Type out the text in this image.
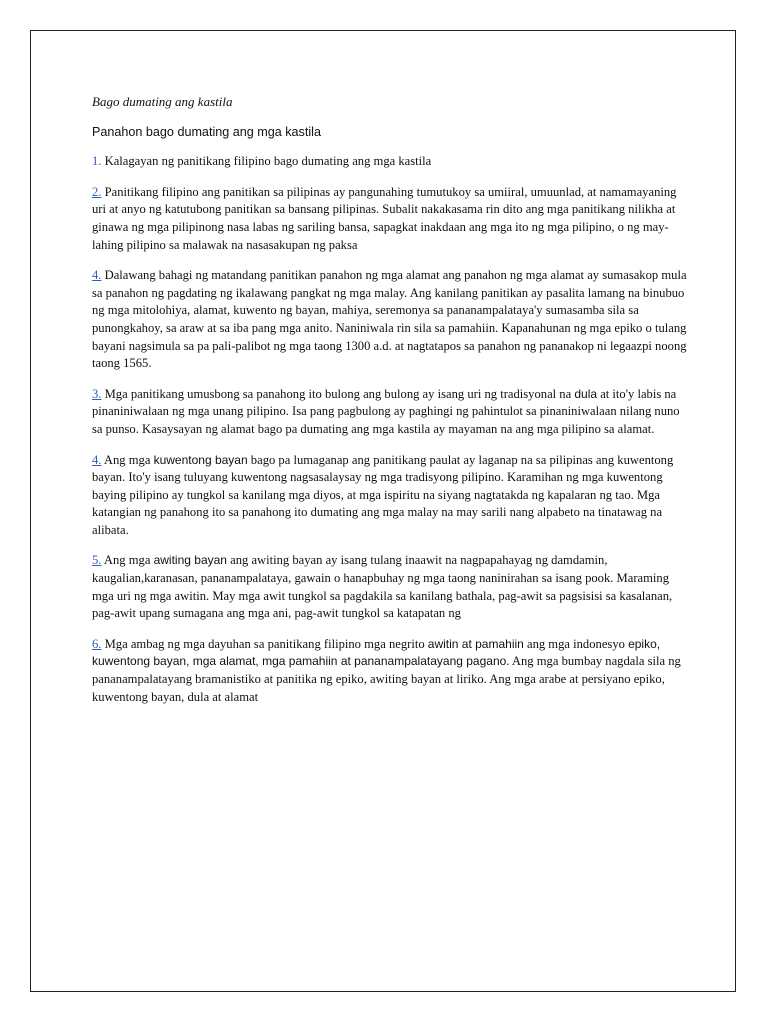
Bago dumating ang kastila

Panahon bago dumating ang mga kastila

1. Kalagayan ng panitikang filipino bago dumating ang mga kastila

2. Panitikang filipino ang panitikan sa pilipinas ay pangunahing tumutukoy sa umiiral, umuunlad, at namamayaning uri at anyo ng katutubong panitikan sa bansang pilipinas. Subalit nakakasama rin dito ang mga panitikang nilikha at ginawa ng mga pilipinong nasa labas ng sariling bansa, sapagkat inakdaan ang mga ito ng mga pilipino, o ng may-lahing pilipino sa malawak na nasasakupan ng paksa

4. Dalawang bahagi ng matandang panitikan panahon ng mga alamat ang panahon ng mga alamat ay sumasakop mula sa panahon ng pagdating ng ikalawang pangkat ng mga malay. Ang kanilang panitikan ay pasalita lamang na binubuo ng mga mitolohiya, alamat, kuwento ng bayan, mahiya, seremonya sa pananampalataya'y sumasamba sila sa punongkahoy, sa araw at sa iba pang mga anito. Naniniwala rin sila sa pamahiin. Kapanahunan ng mga epiko o tulang bayani nagsimula sa pa pali-palibot ng mga taong 1300 a.d. at nagtatapos sa panahon ng pananakop ni legaazpi noong taong 1565.

3. Mga panitikang umusbong sa panahong ito bulong ang bulong ay isang uri ng tradisyonal na dula at ito'y labis na pinaniniwalaan ng mga unang pilipino. Isa pang pagbulong ay paghingi ng pahintulot sa pinaniniwalaan nilang nuno sa punso. Kasaysayan ng alamat bago pa dumating ang mga kastila ay mayaman na ang mga pilipino sa alamat.

4. Ang mga kuwentong bayan bago pa lumaganap ang panitikang paulat ay laganap na sa pilipinas ang kuwentong bayan. Ito'y isang tuluyang kuwentong nagsasalaysay ng mga tradisyong pilipino. Karamihan ng mga kuwentong baying pilipino ay tungkol sa kanilang mga diyos, at mga ispiritu na siyang nagtatakda ng kapalaran ng tao. Mga katangian ng panahong ito sa panahong ito dumating ang mga malay na may sarili nang alpabeto na tinatawag na alibata.

5. Ang mga awiting bayan ang awiting bayan ay isang tulang inaawit na nagpapahayag ng damdamin, kaugalian,karanasan, pananampalataya, gawain o hanapbuhay ng mga taong naninirahan sa isang pook. Maraming mga uri ng mga awitin. May mga awit tungkol sa pagdakila sa kanilang bathala, pag-awit sa pagsisisi sa kasalanan, pag-awit upang sumagana ang mga ani, pag-awit tungkol sa katapatan ng

6. Mga ambag ng mga dayuhan sa panitikang filipino mga negrito awitin at pamahiin ang mga indonesyo epiko, kuwentong bayan, mga alamat, mga pamahiin at pananampalatayang pagano. Ang mga bumbay nagdala sila ng pananampalatayang bramanistiko at panitika ng epiko, awiting bayan at liriko. Ang mga arabe at persiyano epiko, kuwentong bayan, dula at alamat
